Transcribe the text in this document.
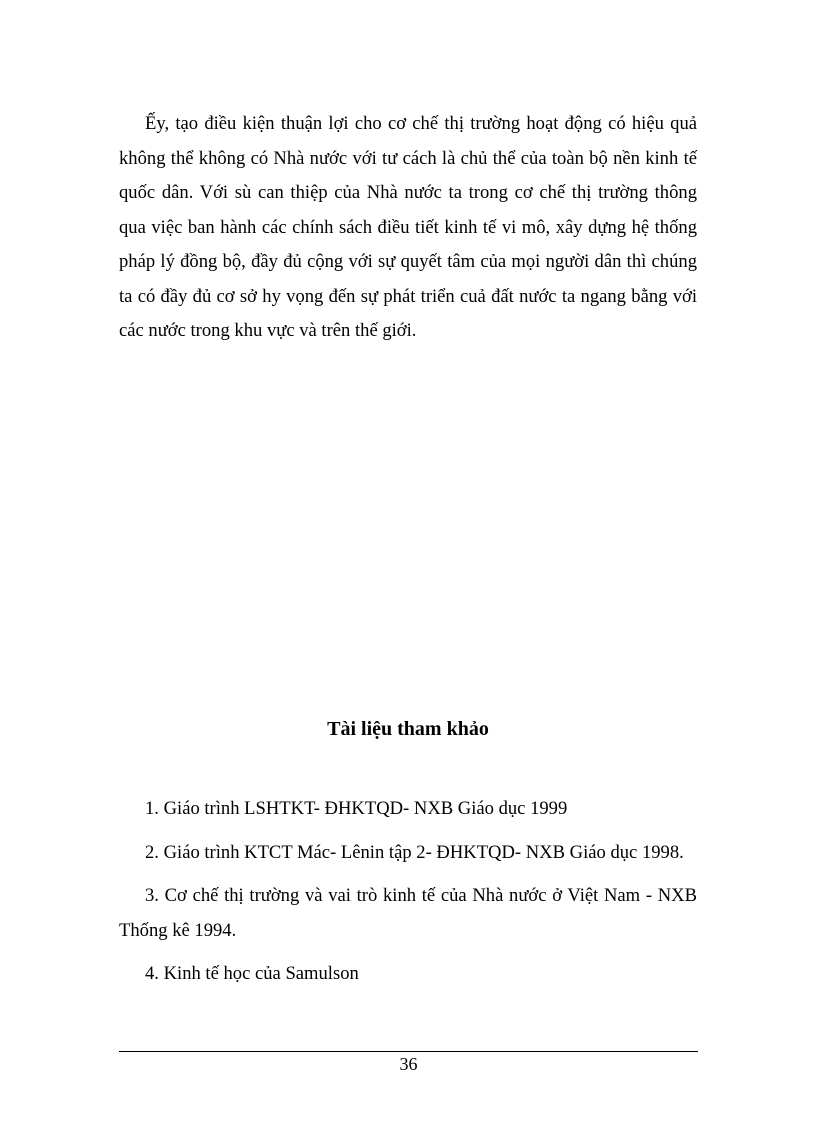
Ếy, tạo điều kiện thuận lợi cho cơ chế thị trường hoạt động có hiệu quả không thể không có Nhà nước với tư cách là chủ thể của toàn bộ nền kinh tế quốc dân. Với sù can thiệp của Nhà nước ta trong cơ chế thị trường thông qua việc ban hành các chính sách điều tiết kinh tế vi mô, xây dựng hệ thống pháp lý đồng bộ, đầy đủ cộng với sự quyết tâm của mọi người dân thì chúng ta có đầy đủ cơ sở hy vọng đến sự phát triển cuả đất nước ta ngang bằng với các nước trong khu vực và trên thế giới.

Tài liệu tham khảo
1. Giáo trình LSHTKT- ĐHKTQD- NXB Giáo dục 1999
2. Giáo trình KTCT Mác- Lênin tập 2- ĐHKTQD- NXB Giáo dục 1998.
3. Cơ chế thị trường và vai trò kinh tế của Nhà nước ở Việt Nam - NXB Thống kê 1994.
4. Kinh tế học của Samulson
36
